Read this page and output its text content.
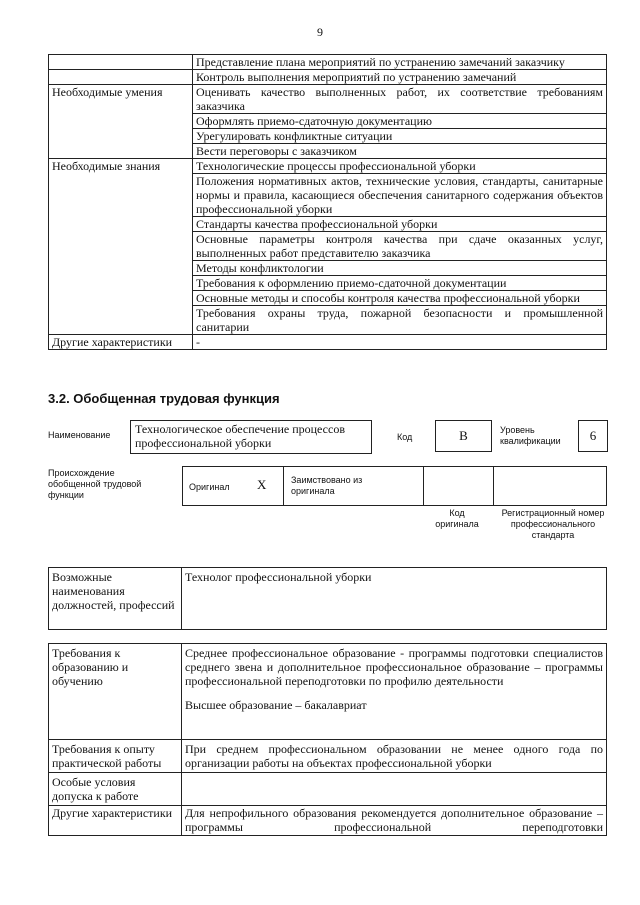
9
	Представление плана мероприятий по устранению замечаний заказчику
	Контроль выполнения мероприятий по устранению замечаний
Необходимые умения	Оценивать качество выполненных работ, их соответствие требованиям заказчика
	Оформлять приемо-сдаточную документацию
	Урегулировать конфликтные ситуации
	Вести переговоры с заказчиком
Необходимые знания	Технологические процессы профессиональной уборки
	Положения нормативных актов, технические условия, стандарты, санитарные нормы и правила, касающиеся обеспечения санитарного содержания объектов профессиональной уборки
	Стандарты качества профессиональной уборки
	Основные параметры контроля качества при сдаче оказанных услуг, выполненных работ представителю заказчика
	Методы конфликтологии
	Требования к оформлению приемо-сдаточной документации
	Основные методы и способы контроля качества профессиональной уборки
	Требования охраны труда, пожарной безопасности и промышленной санитарии
Другие характеристики	-
3.2. Обобщенная трудовая функция
Наименование	Технологическое обеспечение процессов профессиональной уборки	Код	B	Уровень квалификации	6
Происхождение обобщенной трудовой функции
Оригинал X	Заимствовано из оригинала
Код оригинала
Регистрационный номер профессионального стандарта
Возможные наименования должностей, профессий	Технолог профессиональной уборки
Требования к образованию и обучению	Среднее профессиональное образование - программы подготовки специалистов среднего звена и дополнительное профессиональное образование – программы профессиональной переподготовки по профилю деятельности
Высшее образование – бакалавриат

Требования к опыту практической работы	При среднем профессиональном образовании не менее одного года по организации работы на объектах профессиональной уборки
Особые условия допуска к работе	
Другие характеристики	Для непрофильного образования рекомендуется дополнительное образование – программы профессиональной переподготовки
